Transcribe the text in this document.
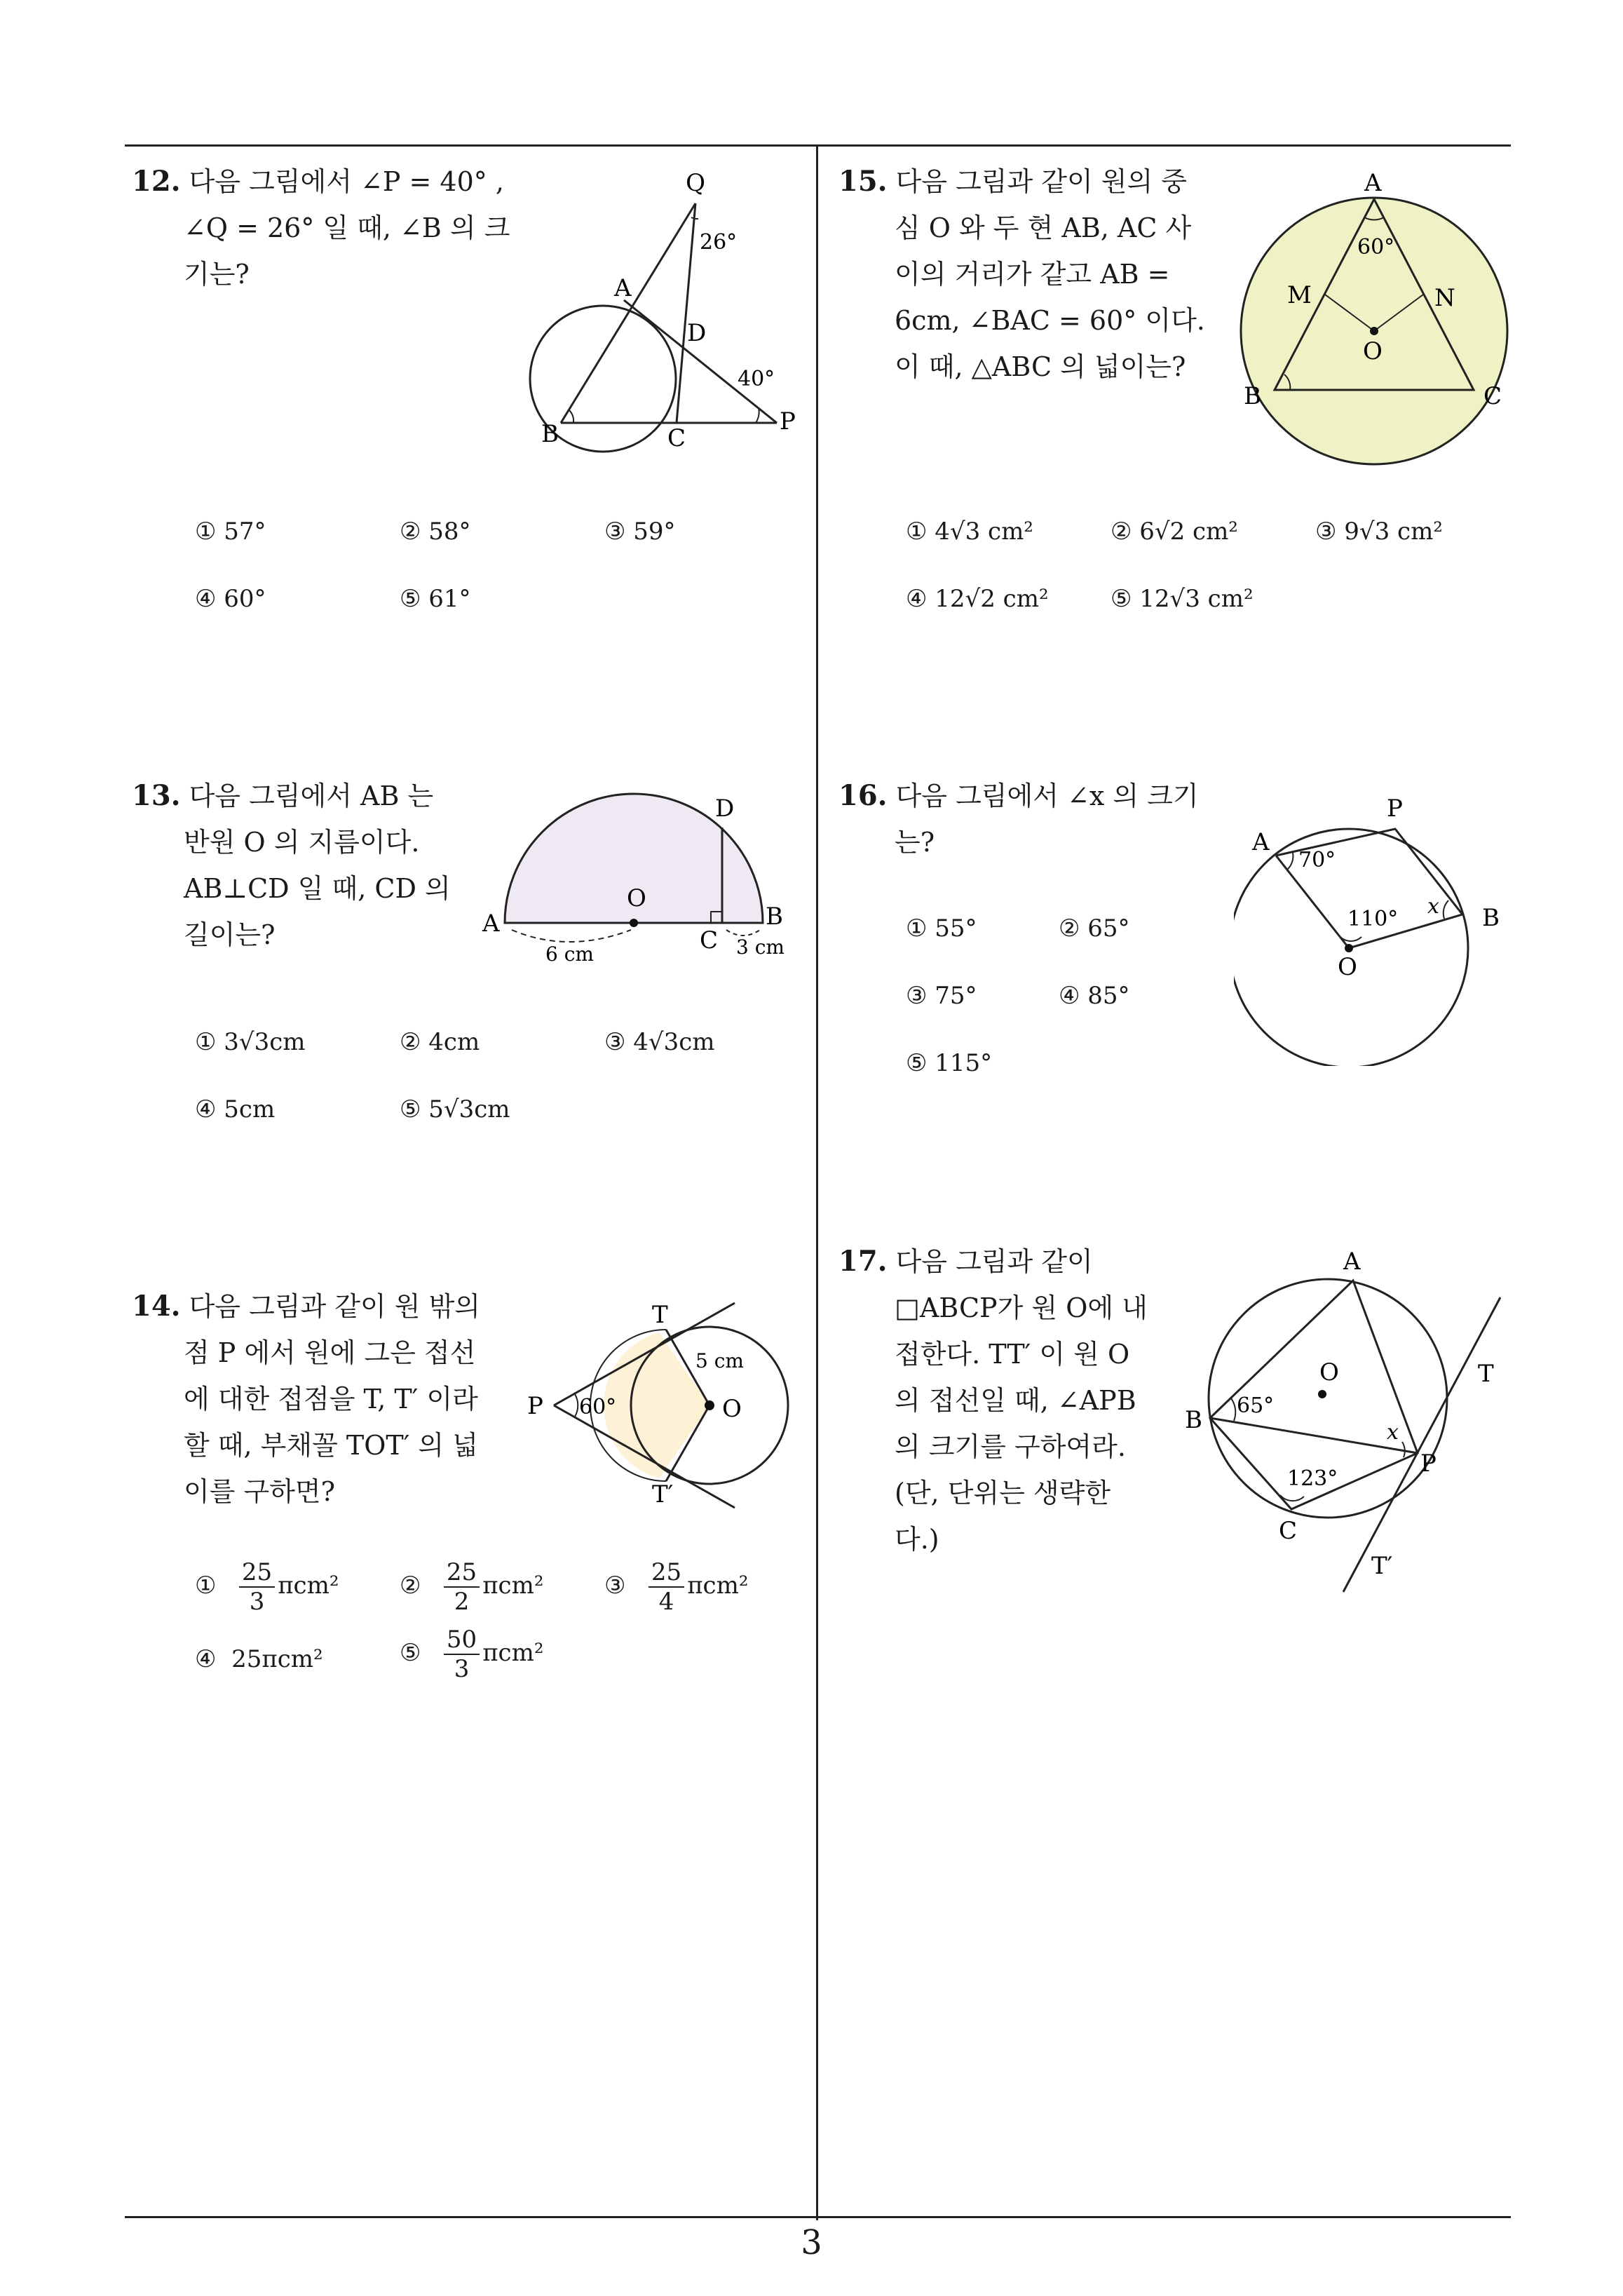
3
12. 다음 그림에서 ∠P = 40° ,
∠Q = 26° 일 때, ∠B 의 크
기는?
Q
26°
A
D
40°
B	C
P
① 57°	② 58°	③ 59°
④ 60°	⑤ 61°
13. 다음 그림에서 AB 는
반원 O 의 지름이다.
AB⊥CD 일 때, CD 의
길이는?
D
O
A	B
C
6 cm	3 cm
① 3√3cm	② 4cm	③ 4√3cm
④ 5cm	⑤ 5√3cm
14. 다음 그림과 같이 원 밖의
점 P 에서 원에 그은 접선
에 대한 접점을 T, T′ 이라
할 때, 부채꼴 TOT′ 의 넓
이를 구하면?
T
5 cm
P 60°	O
T′
① $\frac{25}{3} \pi cm^2$	② $\frac{25}{2} \pi cm^2$	③ $\frac{25}{4} \pi cm^2$
④ 25πcm²	⑤ $\frac{50}{3} \pi cm^2$
15. 다음 그림과 같이 원의 중
심 O 와 두 현 AB, AC 사
이의 거리가 같고 AB =
6cm, ∠BAC = 60° 이다.
이 때, △ABC 의 넓이는?
A
60°
M	N
O
B	C
① 4√3 cm²	② 6√2 cm²	③ 9√3 cm²
④ 12√2 cm²	⑤ 12√3 cm²
16. 다음 그림에서 ∠x 의 크기
는?
P
A
70°
110°
x B
O
① 55°	② 65°
③ 75°	④ 85°
⑤ 115°
17. 다음 그림과 같이
□ABCP가 원 O에 내
접한다. TT′ 이 원 O
의 접선일 때, ∠APB
의 크기를 구하여라.
(단, 단위는 생략한
다.)
A
O	T
B
65°
x
P
123°
C
T′
